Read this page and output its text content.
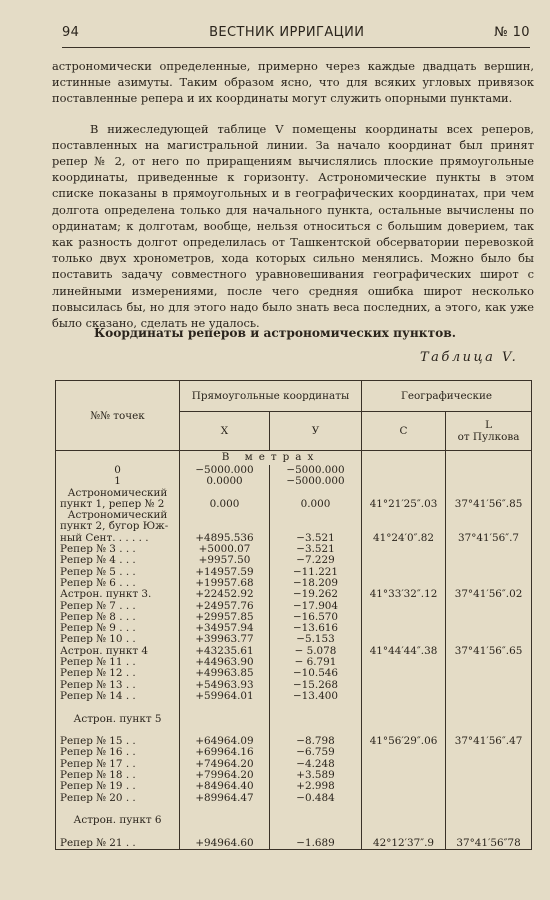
94	ВЕСТНИК ИРРИГАЦИИ	№ 10

астрономически определенные, примерно через каждые двадцать вершин, истинные азимуты. Таким образом ясно, что для всяких угловых привязок поставленные репера и их координаты могут служить опорными пунктами.

В нижеследующей таблице V помещены координаты всех реперов, поставленных на магистральной линии. За начало координат был принят репер № 2, от него по приращениям вычислялись плоские прямоугольные координаты, приведенные к горизонту. Астрономические пункты в этом списке показаны в прямоугольных и в географических координатах, при чем долгота определена только для начального пункта, остальные вычислены по ординатам; к долготам, вообще, нельзя относиться с большим доверием, так как разность долгот определилась от Ташкентской обсерватории перевозкой только двух хронометров, хода которых сильно менялись. Можно было бы поставить задачу совместного уравновешивания географических широт с линейными измерениями, после чего средняя ошибка широт несколько повысилась бы, но для этого надо было знать веса последних, а этого, как уже было сказано, сделать не удалось.

Координаты реперов и астрономических пунктов.
Таблица V.
№№ точек	Прямоугольные координаты		Географические	
	X	У	С	L
от Пулкова

	В метрах			
0	−5000.000	−5000.000		
1	0.0000	−5000.000		
Астрономический				
пункт 1, репер № 2	0.000	0.000	41°21′25″.03	37°41′56″.85
Астрономический				
пункт 2, бугор Юж-				
ный Сент. . . . . .	+4895.536	−3.521	41°24′0″.82	37°41′56″.7
Репер № 3 . . .	+5000.07	−3.521		
Репер № 4 . . .	+9957.50	−7.229		
Репер № 5 . . .	+14957.59	−11.221		
Репер № 6 . . .	+19957.68	−18.209		
Астрон. пункт 3.	+22452.92	−19.262	41°33′32″.12	37°41′56″.02
Репер № 7 . . .	+24957.76	−17.904		
Репер № 8 . . .	+29957.85	−16.570		
Репер № 9 . . .	+34957.94	−13.616		
Репер № 10 . .	+39963.77	−5.153		
Астрон. пункт 4	+43235.61	− 5.078	41°44′44″.38	37°41′56″.65
Репер № 11 . .	+44963.90	− 6.791		
Репер № 12 . .	+49963.85	−10.546		
Репер № 13 . .	+54963.93	−15.268		
Репер № 14 . .	+59964.01	−13.400		

Астрон. пункт 5				

Репер № 15 . .	+64964.09	−8.798	41°56′29″.06	37°41′56″.47
Репер № 16 . .	+69964.16	−6.759		
Репер № 17 . .	+74964.20	−4.248		
Репер № 18 . .	+79964.20	+3.589		
Репер № 19 . .	+84964.40	+2.998		
Репер № 20 . .	+89964.47	−0.484		

Астрон. пункт 6				

Репер № 21 . .	+94964.60	−1.689	42°12′37″.9	37°41′56″78
